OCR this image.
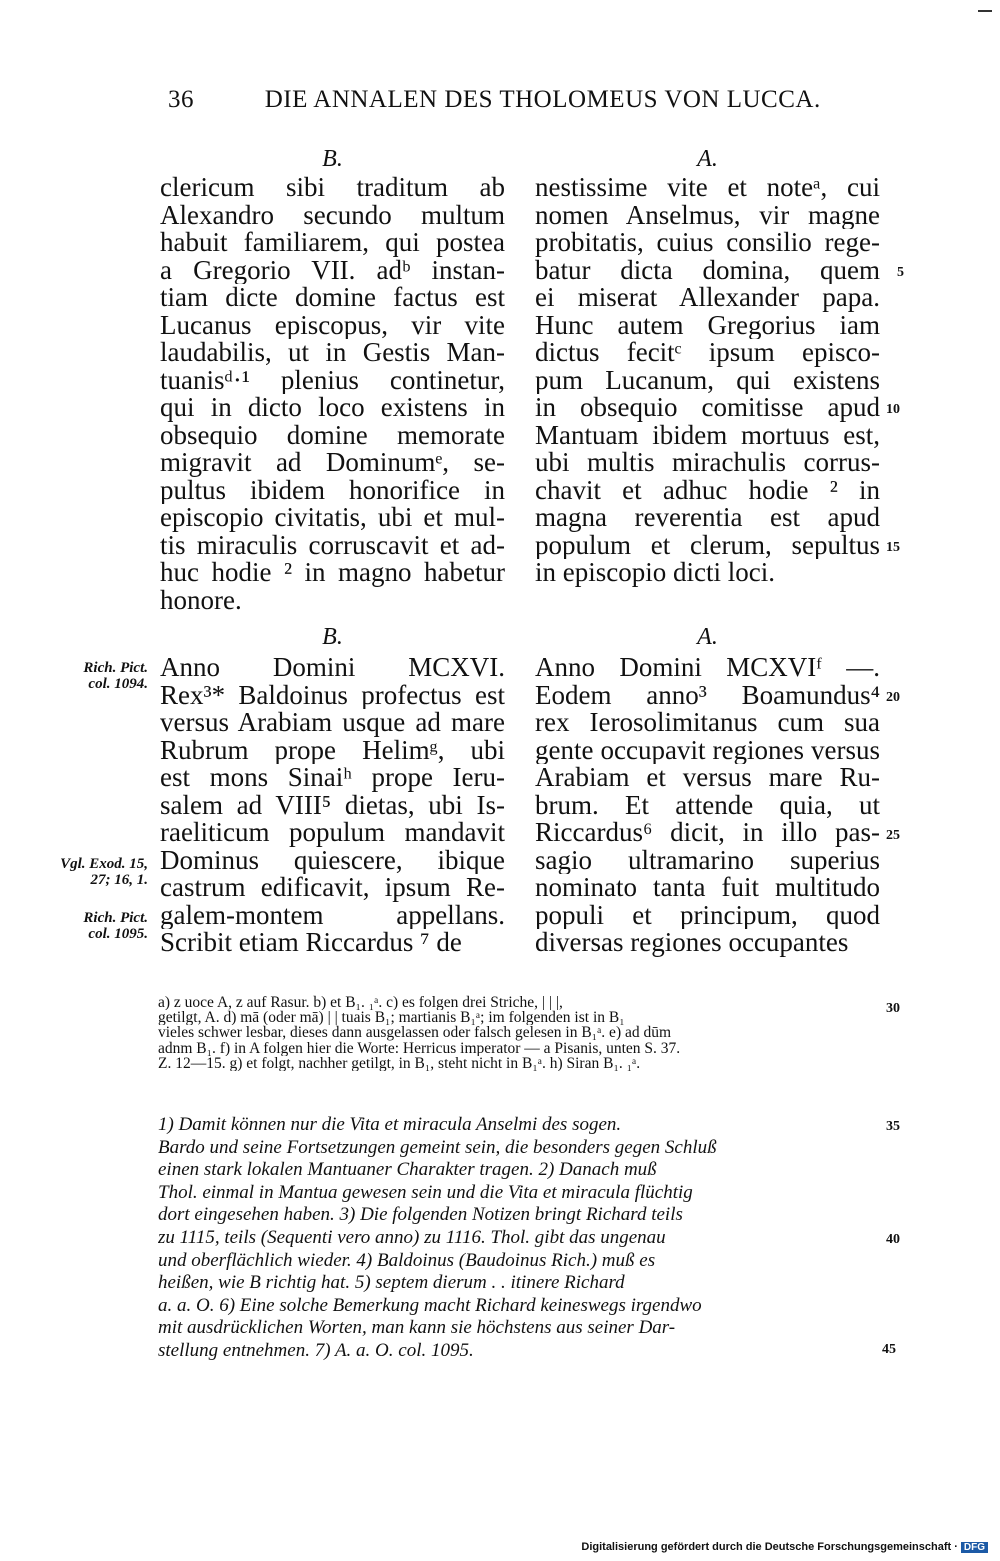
36	DIE ANNALEN DES THOLOMEUS VON LUCCA.
B.	A.
clericum sibi traditum ab
Alexandro secundo multum
habuit familiarem, qui postea
a Gregorio VII. adᵇ instan-
tiam dicte domine factus est
Lucanus episcopus, vir vite
laudabilis, ut in Gestis Man-
tuanisᵈ·¹ plenius continetur,
qui in dicto loco existens in
obsequio domine memorate
migravit ad Dominumᵉ, se-
pultus ibidem honorifice in
episcopio civitatis, ubi et mul-
tis miraculis corruscavit et ad-
huc hodie ² in magno habetur
honore.
nestissime vite et noteᵃ, cui
nomen Anselmus, vir magne
probitatis, cuius consilio rege-
batur dicta domina, quem
ei miserat Allexander papa.
Hunc autem Gregorius iam
dictus fecitᶜ ipsum episco-
pum Lucanum, qui existens
in obsequio comitisse apud
Mantuam ibidem mortuus est,
ubi multis mirachulis corrus-
chavit et adhuc hodie ² in
magna reverentia est apud
populum et clerum, sepultus
in episcopio dicti loci.
B.	A.
Anno Domini MCXVI.
Rex³* Baldoinus profectus est
versus Arabiam usque ad mare
Rubrum prope Helimᵍ, ubi
est mons Sinaiʰ prope Ieru-
salem ad VIII⁵ dietas, ubi Is-
raeliticum populum mandavit
Dominus quiescere, ibique
castrum edificavit, ipsum Re-
galem-montem appellans.
Scribit etiam Riccardus ⁷ de
Anno Domini MCXVIᶠ —.
Eodem anno³ Boamundus⁴
rex Ierosolimitanus cum sua
gente occupavit regiones versus
Arabiam et versus mare Ru-
brum. Et attende quia, ut
Riccardus⁶ dicit, in illo pas-
sagio ultramarino superius
nominato tanta fuit multitudo
populi et principum, quod
diversas regiones occupantes
Rich. Pict.
col. 1094.
Vgl. Exod. 15,
27; 16, 1.
Rich. Pict.
col. 1095.
5
10
15
20
25
30
35
40
45
a) z uoce A, z auf Rasur. b) et B₁. ₁ᵃ. c) es folgen drei Striche, | | |,
getilgt, A. d) mā (oder mā) | | tuais B₁; martianis B₁ᵃ; im folgenden ist in B₁
vieles schwer lesbar, dieses dann ausgelassen oder falsch gelesen in B₁ᵃ. e) ad dūm
adnm B₁. f) in A folgen hier die Worte: Herricus imperator — a Pisanis, unten S. 37.
Z. 12—15. g) et folgt, nachher getilgt, in B₁, steht nicht in B₁ᵃ. h) Siran B₁. ₁ᵃ.
1) Damit können nur die Vita et miracula Anselmi des sogen.
Bardo und seine Fortsetzungen gemeint sein, die besonders gegen Schluß
einen stark lokalen Mantuaner Charakter tragen. 2) Danach muß
Thol. einmal in Mantua gewesen sein und die Vita et miracula flüchtig
dort eingesehen haben. 3) Die folgenden Notizen bringt Richard teils
zu 1115, teils (Sequenti vero anno) zu 1116. Thol. gibt das ungenau
und oberflächlich wieder. 4) Baldoinus (Baudoinus Rich.) muß es
heißen, wie B richtig hat. 5) septem dierum . . itinere Richard
a. a. O. 6) Eine solche Bemerkung macht Richard keineswegs irgendwo
mit ausdrücklichen Worten, man kann sie höchstens aus seiner Dar-
stellung entnehmen. 7) A. a. O. col. 1095.
Digitalisierung gefördert durch die Deutsche Forschungsgemeinschaft · DFG
